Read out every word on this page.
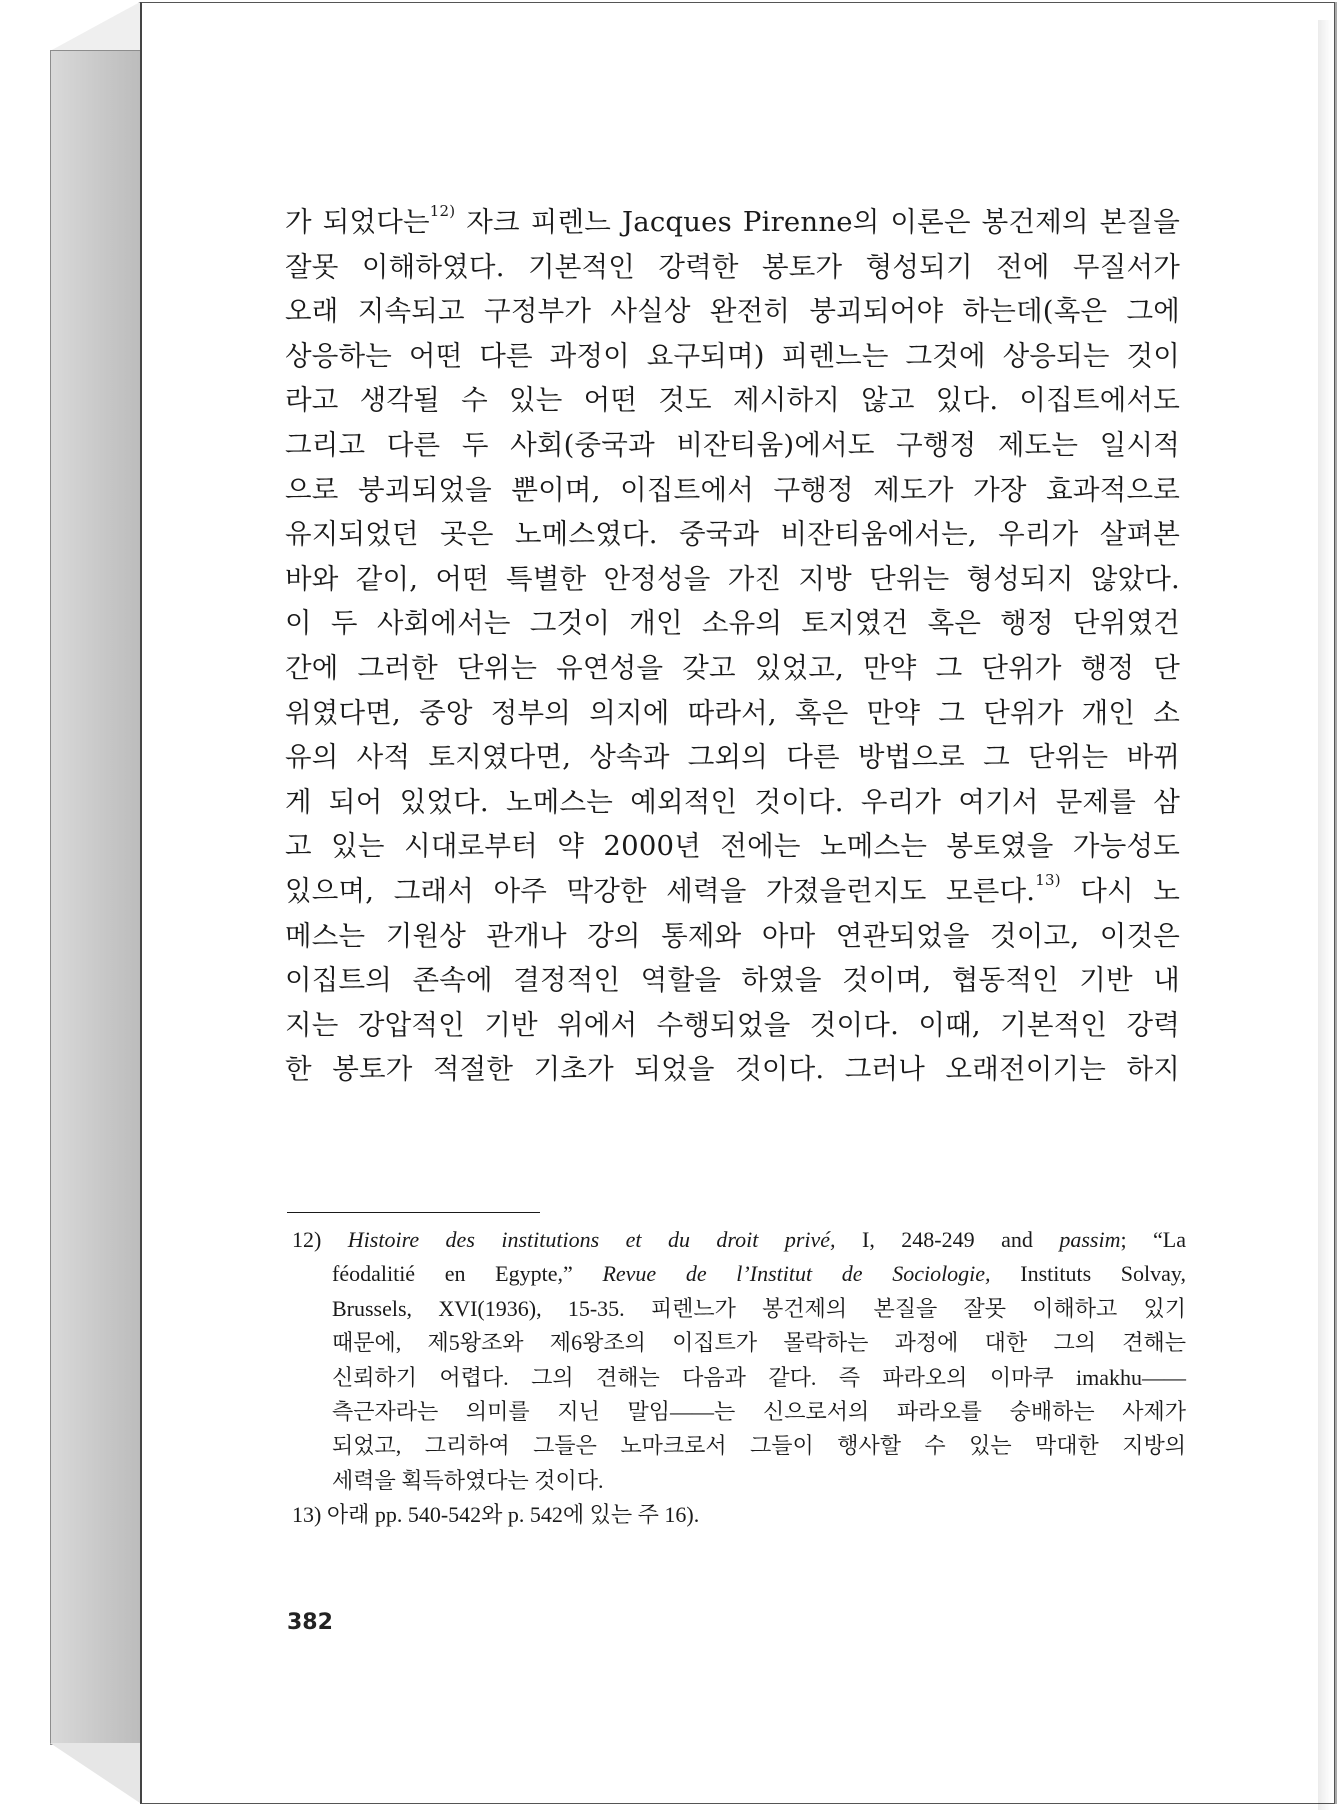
가 되었다는$^{12)}$ 자크 피렌느 Jacques Pirenne의 이론은 봉건제의 본질을
잘못 이해하였다. 기본적인 강력한 봉토가 형성되기 전에 무질서가
오래 지속되고 구정부가 사실상 완전히 붕괴되어야 하는데(혹은 그에
상응하는 어떤 다른 과정이 요구되며) 피렌느는 그것에 상응되는 것이
라고 생각될 수 있는 어떤 것도 제시하지 않고 있다. 이집트에서도
그리고 다른 두 사회(중국과 비잔티움)에서도 구행정 제도는 일시적
으로 붕괴되었을 뿐이며, 이집트에서 구행정 제도가 가장 효과적으로
유지되었던 곳은 노메스였다. 중국과 비잔티움에서는, 우리가 살펴본
바와 같이, 어떤 특별한 안정성을 가진 지방 단위는 형성되지 않았다.
이 두 사회에서는 그것이 개인 소유의 토지였건 혹은 행정 단위였건
간에 그러한 단위는 유연성을 갖고 있었고, 만약 그 단위가 행정 단
위였다면, 중앙 정부의 의지에 따라서, 혹은 만약 그 단위가 개인 소
유의 사적 토지였다면, 상속과 그외의 다른 방법으로 그 단위는 바뀌
게 되어 있었다. 노메스는 예외적인 것이다. 우리가 여기서 문제를 삼
고 있는 시대로부터 약 2000년 전에는 노메스는 봉토였을 가능성도
있으며, 그래서 아주 막강한 세력을 가졌을런지도 모른다.$^{13)}$ 다시 노
메스는 기원상 관개나 강의 통제와 아마 연관되었을 것이고, 이것은
이집트의 존속에 결정적인 역할을 하였을 것이며, 협동적인 기반 내
지는 강압적인 기반 위에서 수행되었을 것이다. 이때, 기본적인 강력
한 봉토가 적절한 기초가 되었을 것이다. 그러나 오래전이기는 하지
12) Histoire des institutions et du droit privé, I, 248-249 and passim; “La
féodalitié en Egypte,” Revue de l’Institut de Sociologie, Instituts Solvay,
Brussels, XVI(1936), 15-35. 피렌느가 봉건제의 본질을 잘못 이해하고 있기
때문에, 제5왕조와 제6왕조의 이집트가 몰락하는 과정에 대한 그의 견해는
신뢰하기 어렵다. 그의 견해는 다음과 같다. 즉 파라오의 이마쿠 imakhu——
측근자라는 의미를 지닌 말임——는 신으로서의 파라오를 숭배하는 사제가
되었고, 그리하여 그들은 노마크로서 그들이 행사할 수 있는 막대한 지방의
세력을 획득하였다는 것이다.
13) 아래 pp. 540-542와 p. 542에 있는 주 16).
382
